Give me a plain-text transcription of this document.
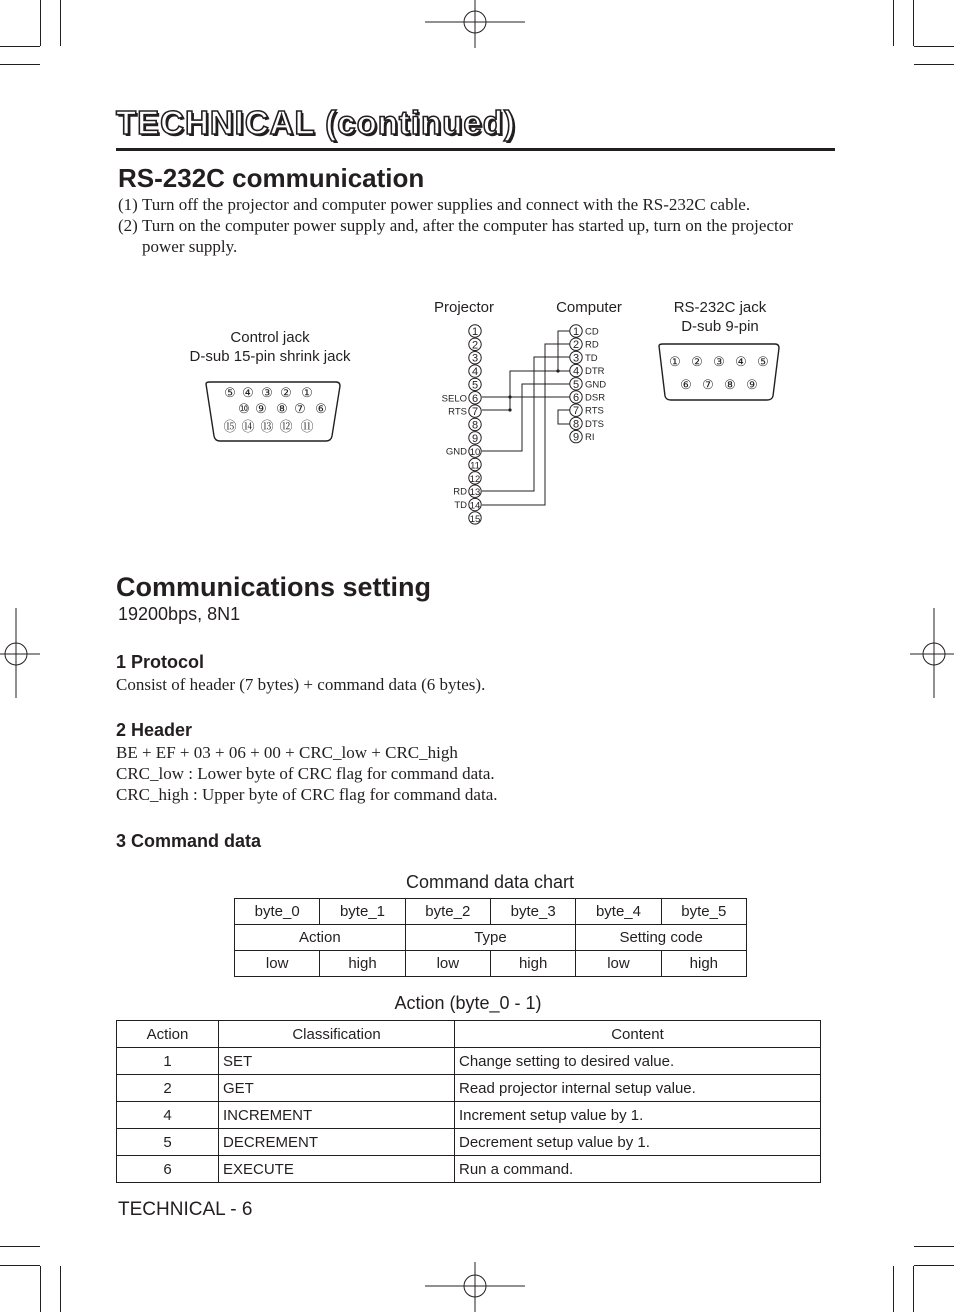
TECHNICAL (continued)
RS-232C communication
(1) Turn off the projector and computer power supplies and connect with the RS-232C cable.
(2) Turn on the computer power supply and, after the computer has started up, turn on the projector power supply.
Control jack
D-sub 15-pin shrink jack
Projector	Computer	RS-232C jack
D-sub 9-pin
⑤ ④ ③ ② ①
⑩ ⑨ ⑧ ⑦ ⑥
⑮ ⑭ ⑬ ⑫ ⑪
① ② ③ ④ ⑤
⑥ ⑦ ⑧ ⑨
1
2
3
4
5
6
SELO
7
RTS
8
9
10
GND
11
12
13
RD
14
TD
15
1 CD
2 RD
3 TD
4 DTR
5 GND
6 DSR
7 RTS
8 DTS
9 RI
Communications setting
19200bps, 8N1
1 Protocol
Consist of header (7 bytes) + command data (6 bytes).
2 Header
BE + EF + 03 + 06 + 00 + CRC_low + CRC_high
CRC_low : Lower byte of CRC flag for command data.
CRC_high : Upper byte of CRC flag for command data.
3 Command data
Command data chart
byte_0	byte_1	byte_2	byte_3	byte_4	byte_5
Action		Type		Setting code	
low	high	low	high	low	high
Action (byte_0 - 1)
Action	Classification	Content
1	SET	Change setting to desired value.
2	GET	Read projector internal setup value.
4	INCREMENT	Increment setup value by 1.
5	DECREMENT	Decrement setup value by 1.
6	EXECUTE	Run a command.
TECHNICAL - 6
